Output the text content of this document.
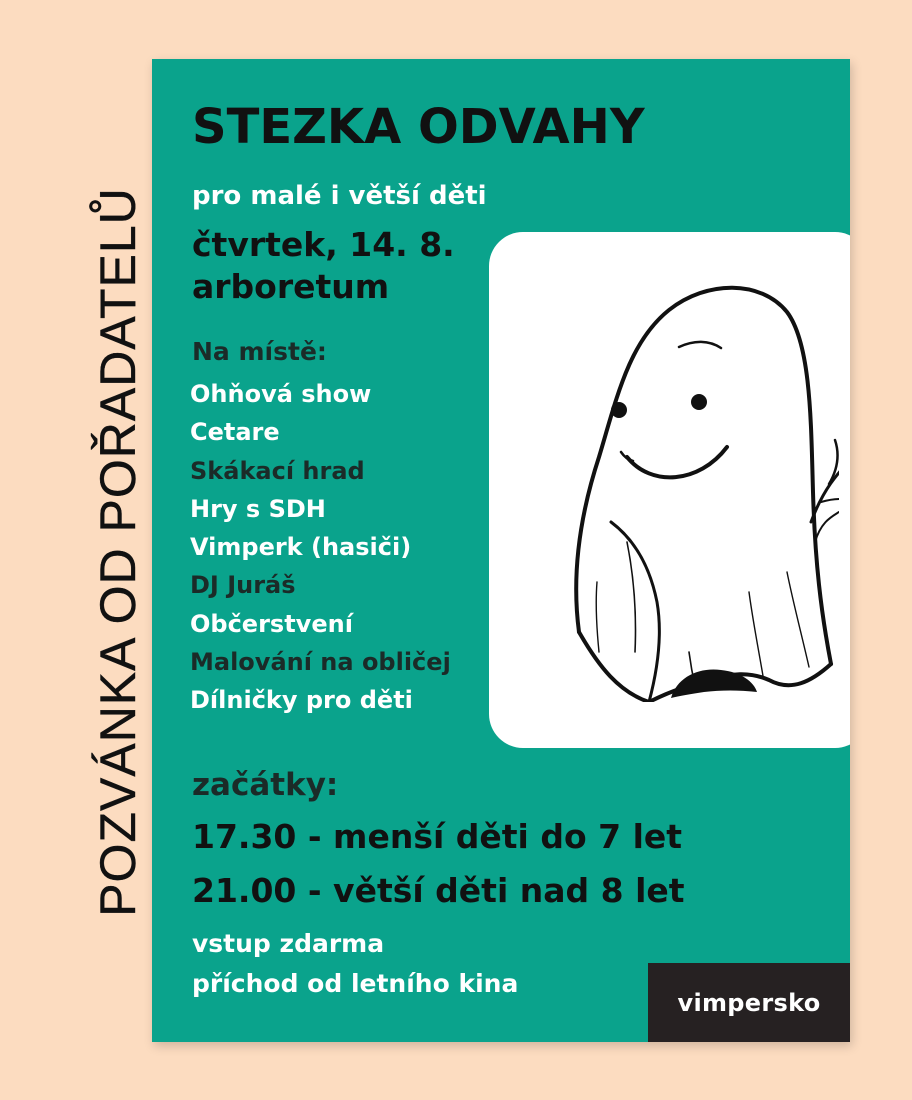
POZVÁNKA OD POŘADATELŮ
STEZKA ODVAHY
pro malé i větší děti
čtvrtek, 14. 8.
arboretum
Na místě:
Ohňová show
Cetare
Skákací hrad
Hry s SDH
Vimperk (hasiči)
DJ Juráš
Občerstvení
Malování na obličej
Dílničky pro děti
začátky:
17.30 - menší děti do 7 let
21.00 - větší děti nad 8 let
vstup zdarma
příchod od letního kina
vimpersko
